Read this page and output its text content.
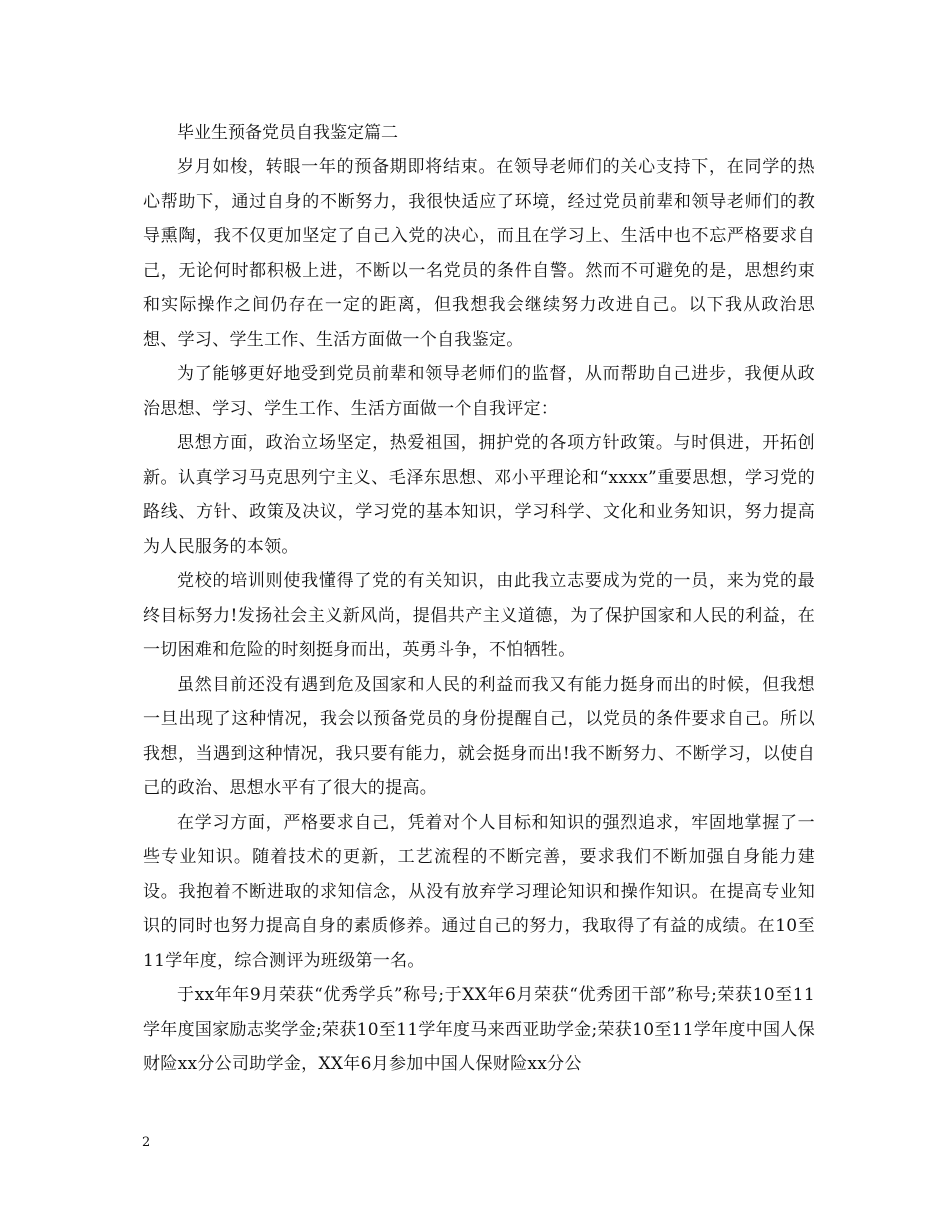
毕业生预备党员自我鉴定篇二

岁月如梭，转眼一年的预备期即将结束。在领导老师们的关心支持下，在同学的热心帮助下，通过自身的不断努力，我很快适应了环境，经过党员前辈和领导老师们的教导熏陶，我不仅更加坚定了自己入党的决心，而且在学习上、生活中也不忘严格要求自己，无论何时都积极上进，不断以一名党员的条件自警。然而不可避免的是，思想约束和实际操作之间仍存在一定的距离，但我想我会继续努力改进自己。以下我从政治思想、学习、学生工作、生活方面做一个自我鉴定。

为了能够更好地受到党员前辈和领导老师们的监督，从而帮助自己进步，我便从政治思想、学习、学生工作、生活方面做一个自我评定：

思想方面，政治立场坚定，热爱祖国，拥护党的各项方针政策。与时俱进，开拓创新。认真学习马克思列宁主义、毛泽东思想、邓小平理论和“xxxx”重要思想，学习党的路线、方针、政策及决议，学习党的基本知识，学习科学、文化和业务知识，努力提高为人民服务的本领。

党校的培训则使我懂得了党的有关知识，由此我立志要成为党的一员，来为党的最终目标努力!发扬社会主义新风尚，提倡共产主义道德，为了保护国家和人民的利益，在一切困难和危险的时刻挺身而出，英勇斗争，不怕牺牲。

虽然目前还没有遇到危及国家和人民的利益而我又有能力挺身而出的时候，但我想一旦出现了这种情况，我会以预备党员的身份提醒自己，以党员的条件要求自己。所以我想，当遇到这种情况，我只要有能力，就会挺身而出!我不断努力、不断学习，以使自己的政治、思想水平有了很大的提高。

在学习方面，严格要求自己，凭着对个人目标和知识的强烈追求，牢固地掌握了一些专业知识。随着技术的更新，工艺流程的不断完善，要求我们不断加强自身能力建设。我抱着不断进取的求知信念，从没有放弃学习理论知识和操作知识。在提高专业知识的同时也努力提高自身的素质修养。通过自己的努力，我取得了有益的成绩。在10至11学年度，综合测评为班级第一名。

于xx年年9月荣获“优秀学兵”称号;于XX年6月荣获“优秀团干部”称号;荣获10至11学年度国家励志奖学金;荣获10至11学年度马来西亚助学金;荣获10至11学年度中国人保财险xx分公司助学金，XX年6月参加中国人保财险xx分公

2
